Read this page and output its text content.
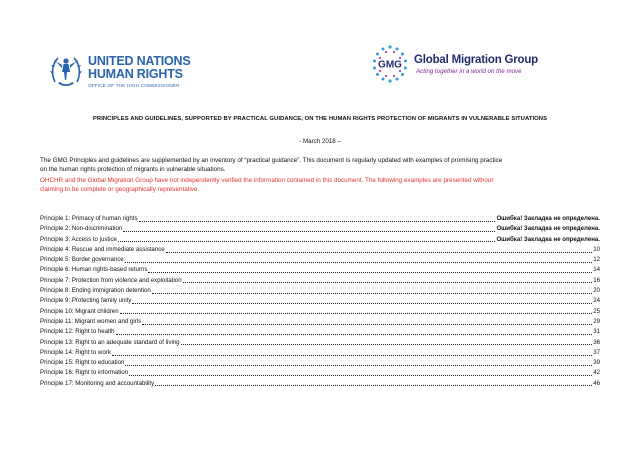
UNITED NATIONS
HUMAN RIGHTS
OFFICE OF THE HIGH COMMISSIONER
GMG Global Migration Group
Acting together in a world on the move
PRINCIPLES AND GUIDELINES, SUPPORTED BY PRACTICAL GUIDANCE, ON THE HUMAN RIGHTS PROTECTION OF MIGRANTS IN VULNERABLE SITUATIONS
- March 2018 –

The GMG Principles and guidelines are supplemented by an inventory of “practical guidance”. This document is regularly updated with examples of promising practice

on the human rights protection of migrants in vulnerable situations.

OHCHR and the Global Migration Group have not independently verified the information contained in this document. The following examples are presented without

claiming to be complete or geographically representative.

Principle 1: Primacy of human rights	Ошибка! Закладка не определена.
Principle 2: Non-discrimination	Ошибка! Закладка не определена.
Principle 3: Access to justice	Ошибка! Закладка не определена.
Principle 4: Rescue and immediate assistance	10
Principle 5: Border governance	12
Principle 6: Human rights-based returns	14
Principle 7: Protection from violence and exploitation	16
Principle 8: Ending immigration detention	20
Principle 9: Protecting family unity	24
Principle 10: Migrant children	25
Principle 11: Migrant women and girls	29
Principle 12: Right to health	31
Principle 13: Right to an adequate standard of living	36
Principle 14: Right to work	37
Principle 15: Right to education	39
Principle 16: Right to information	42
Principle 17: Monitoring and accountability	46
